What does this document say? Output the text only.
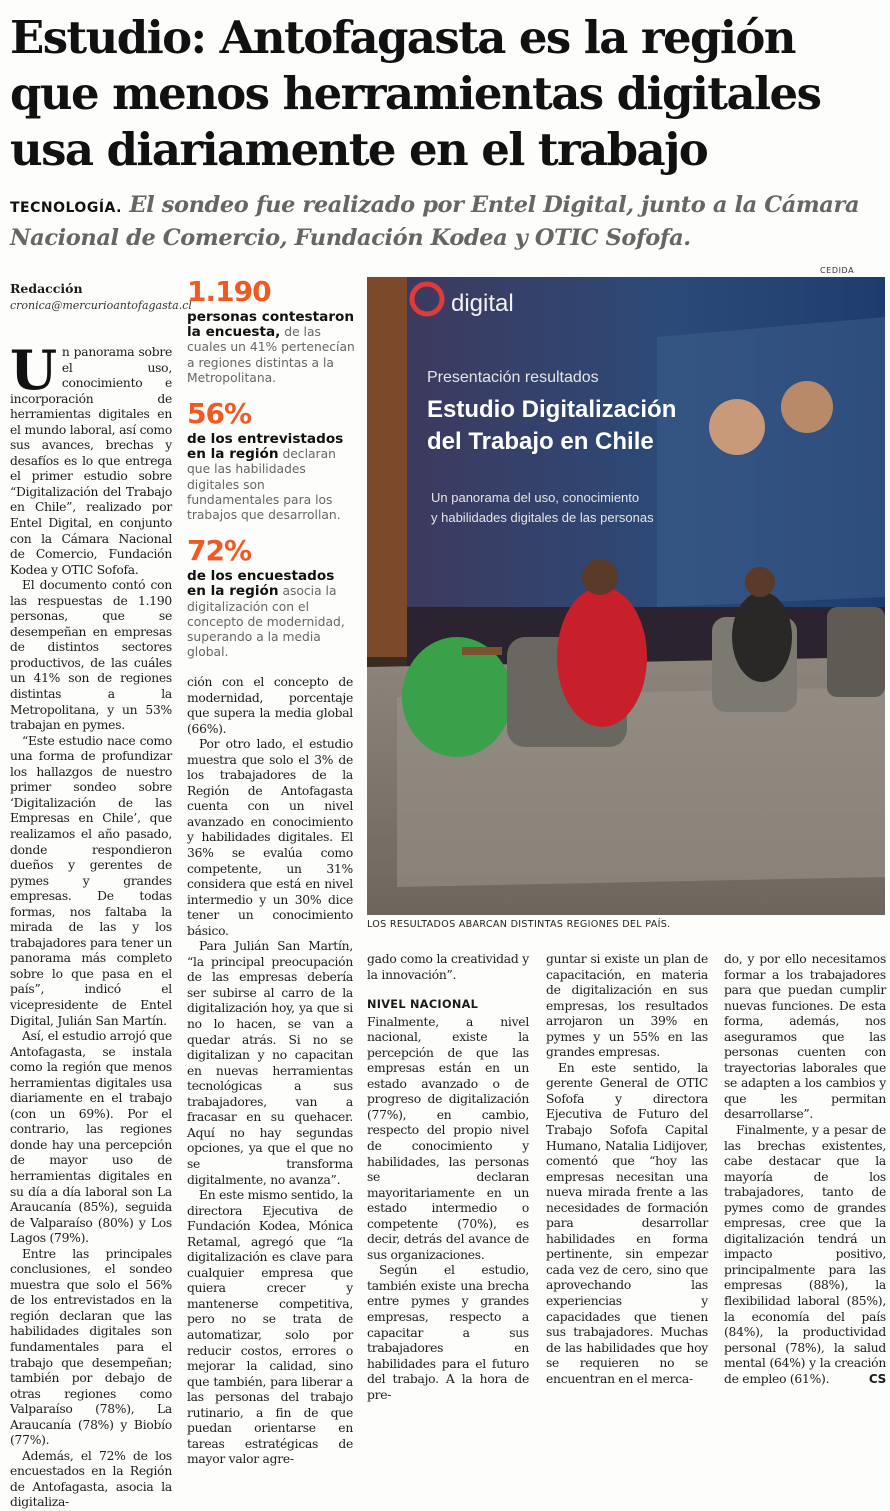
Estudio: Antofagasta es la región que menos herramientas digitales usa diariamente en el trabajo

TECNOLOGÍA. El sondeo fue realizado por Entel Digital, junto a la Cámara Nacional de Comercio, Fundación Kodea y OTIC Sofofa.

Redacción
cronica@mercurioantofagasta.cl

Un panorama sobre el uso, conocimiento e incorporación de herramientas digitales en el mundo laboral, así como sus avances, brechas y desafíos es lo que entrega el primer estudio sobre “Digitalización del Trabajo en Chile”, realizado por Entel Digital, en conjunto con la Cámara Nacional de Comercio, Fundación Kodea y OTIC Sofofa.

El documento contó con las respuestas de 1.190 personas, que se desempeñan en empresas de distintos sectores productivos, de las cuáles un 41% son de regiones distintas a la Metropolitana, y un 53% trabajan en pymes.

“Este estudio nace como una forma de profundizar los hallazgos de nuestro primer sondeo sobre ‘Digitalización de las Empresas en Chile’, que realizamos el año pasado, donde respondieron dueños y gerentes de pymes y grandes empresas. De todas formas, nos faltaba la mirada de las y los trabajadores para tener un panorama más completo sobre lo que pasa en el país”, indicó el vicepresidente de Entel Digital, Julián San Martín.

Así, el estudio arrojó que Antofagasta, se instala como la región que menos herramientas digitales usa diariamente en el trabajo (con un 69%). Por el contrario, las regiones donde hay una percepción de mayor uso de herramientas digitales en su día a día laboral son La Araucanía (85%), seguida de Valparaíso (80%) y Los Lagos (79%).

Entre las principales conclusiones, el sondeo muestra que solo el 56% de los entrevistados en la región declaran que las habilidades digitales son fundamentales para el trabajo que desempeñan; también por debajo de otras regiones como Valparaíso (78%), La Araucanía (78%) y Biobío (77%).

Además, el 72% de los encuestados en la Región de Antofagasta, asocia la digitaliza-

1.190
personas contestaron la encuesta, de las cuales un 41% pertenecían a regiones distintas a la Metropolitana.
56%
de los entrevistados en la región declaran que las habilidades digitales son fundamentales para los trabajos que desarrollan.
72%
de los encuestados en la región asocia la digitalización con el concepto de modernidad, superando a la media global.

ción con el concepto de modernidad, porcentaje que supera la media global (66%).

Por otro lado, el estudio muestra que solo el 3% de los trabajadores de la Región de Antofagasta cuenta con un nivel avanzado en conocimiento y habilidades digitales. El 36% se evalúa como competente, un 31% considera que está en nivel intermedio y un 30% dice tener un conocimiento básico.

Para Julián San Martín, “la principal preocupación de las empresas debería ser subirse al carro de la digitalización hoy, ya que si no lo hacen, se van a quedar atrás. Si no se digitalizan y no capacitan en nuevas herramientas tecnológicas a sus trabajadores, van a fracasar en su quehacer. Aquí no hay segundas opciones, ya que el que no se transforma digitalmente, no avanza”.

En este mismo sentido, la directora Ejecutiva de Fundación Kodea, Mónica Retamal, agregó que “la digitalización es clave para cualquier empresa que quiera crecer y mantenerse competitiva, pero no se trata de automatizar, solo por reducir costos, errores o mejorar la calidad, sino que también, para liberar a las personas del trabajo rutinario, a fin de que puedan orientarse en tareas estratégicas de mayor valor agre-

CEDIDA
digital
Presentación resultados
Estudio Digitalización
del Trabajo en Chile
Un panorama del uso, conocimiento
y habilidades digitales de las personas
LOS RESULTADOS ABARCAN DISTINTAS REGIONES DEL PAÍS.

gado como la creatividad y la innovación”.

NIVEL NACIONAL

Finalmente, a nivel nacional, existe la percepción de que las empresas están en un estado avanzado o de progreso de digitalización (77%), en cambio, respecto del propio nivel de conocimiento y habilidades, las personas se declaran mayoritariamente en un estado intermedio o competente (70%), es decir, detrás del avance de sus organizaciones.

Según el estudio, también existe una brecha entre pymes y grandes empresas, respecto a capacitar a sus trabajadores en habilidades para el futuro del trabajo. A la hora de pre-

guntar si existe un plan de capacitación, en materia de digitalización en sus empresas, los resultados arrojaron un 39% en pymes y un 55% en las grandes empresas.

En este sentido, la gerente General de OTIC Sofofa y directora Ejecutiva de Futuro del Trabajo Sofofa Capital Humano, Natalia Lidijover, comentó que “hoy las empresas necesitan una nueva mirada frente a las necesidades de formación para desarrollar habilidades en forma pertinente, sin empezar cada vez de cero, sino que aprovechando las experiencias y capacidades que tienen sus trabajadores. Muchas de las habilidades que hoy se requieren no se encuentran en el merca-

do, y por ello necesitamos formar a los trabajadores para que puedan cumplir nuevas funciones. De esta forma, además, nos aseguramos que las personas cuenten con trayectorias laborales que se adapten a los cambios y que les permitan desarrollarse”.

Finalmente, y a pesar de las brechas existentes, cabe destacar que la mayoría de los trabajadores, tanto de pymes como de grandes empresas, cree que la digitalización tendrá un impacto positivo, principalmente para las empresas (88%), la flexibilidad laboral (85%), la economía del país (84%), la productividad personal (78%), la salud mental (64%) y la creación de empleo (61%).	CS
